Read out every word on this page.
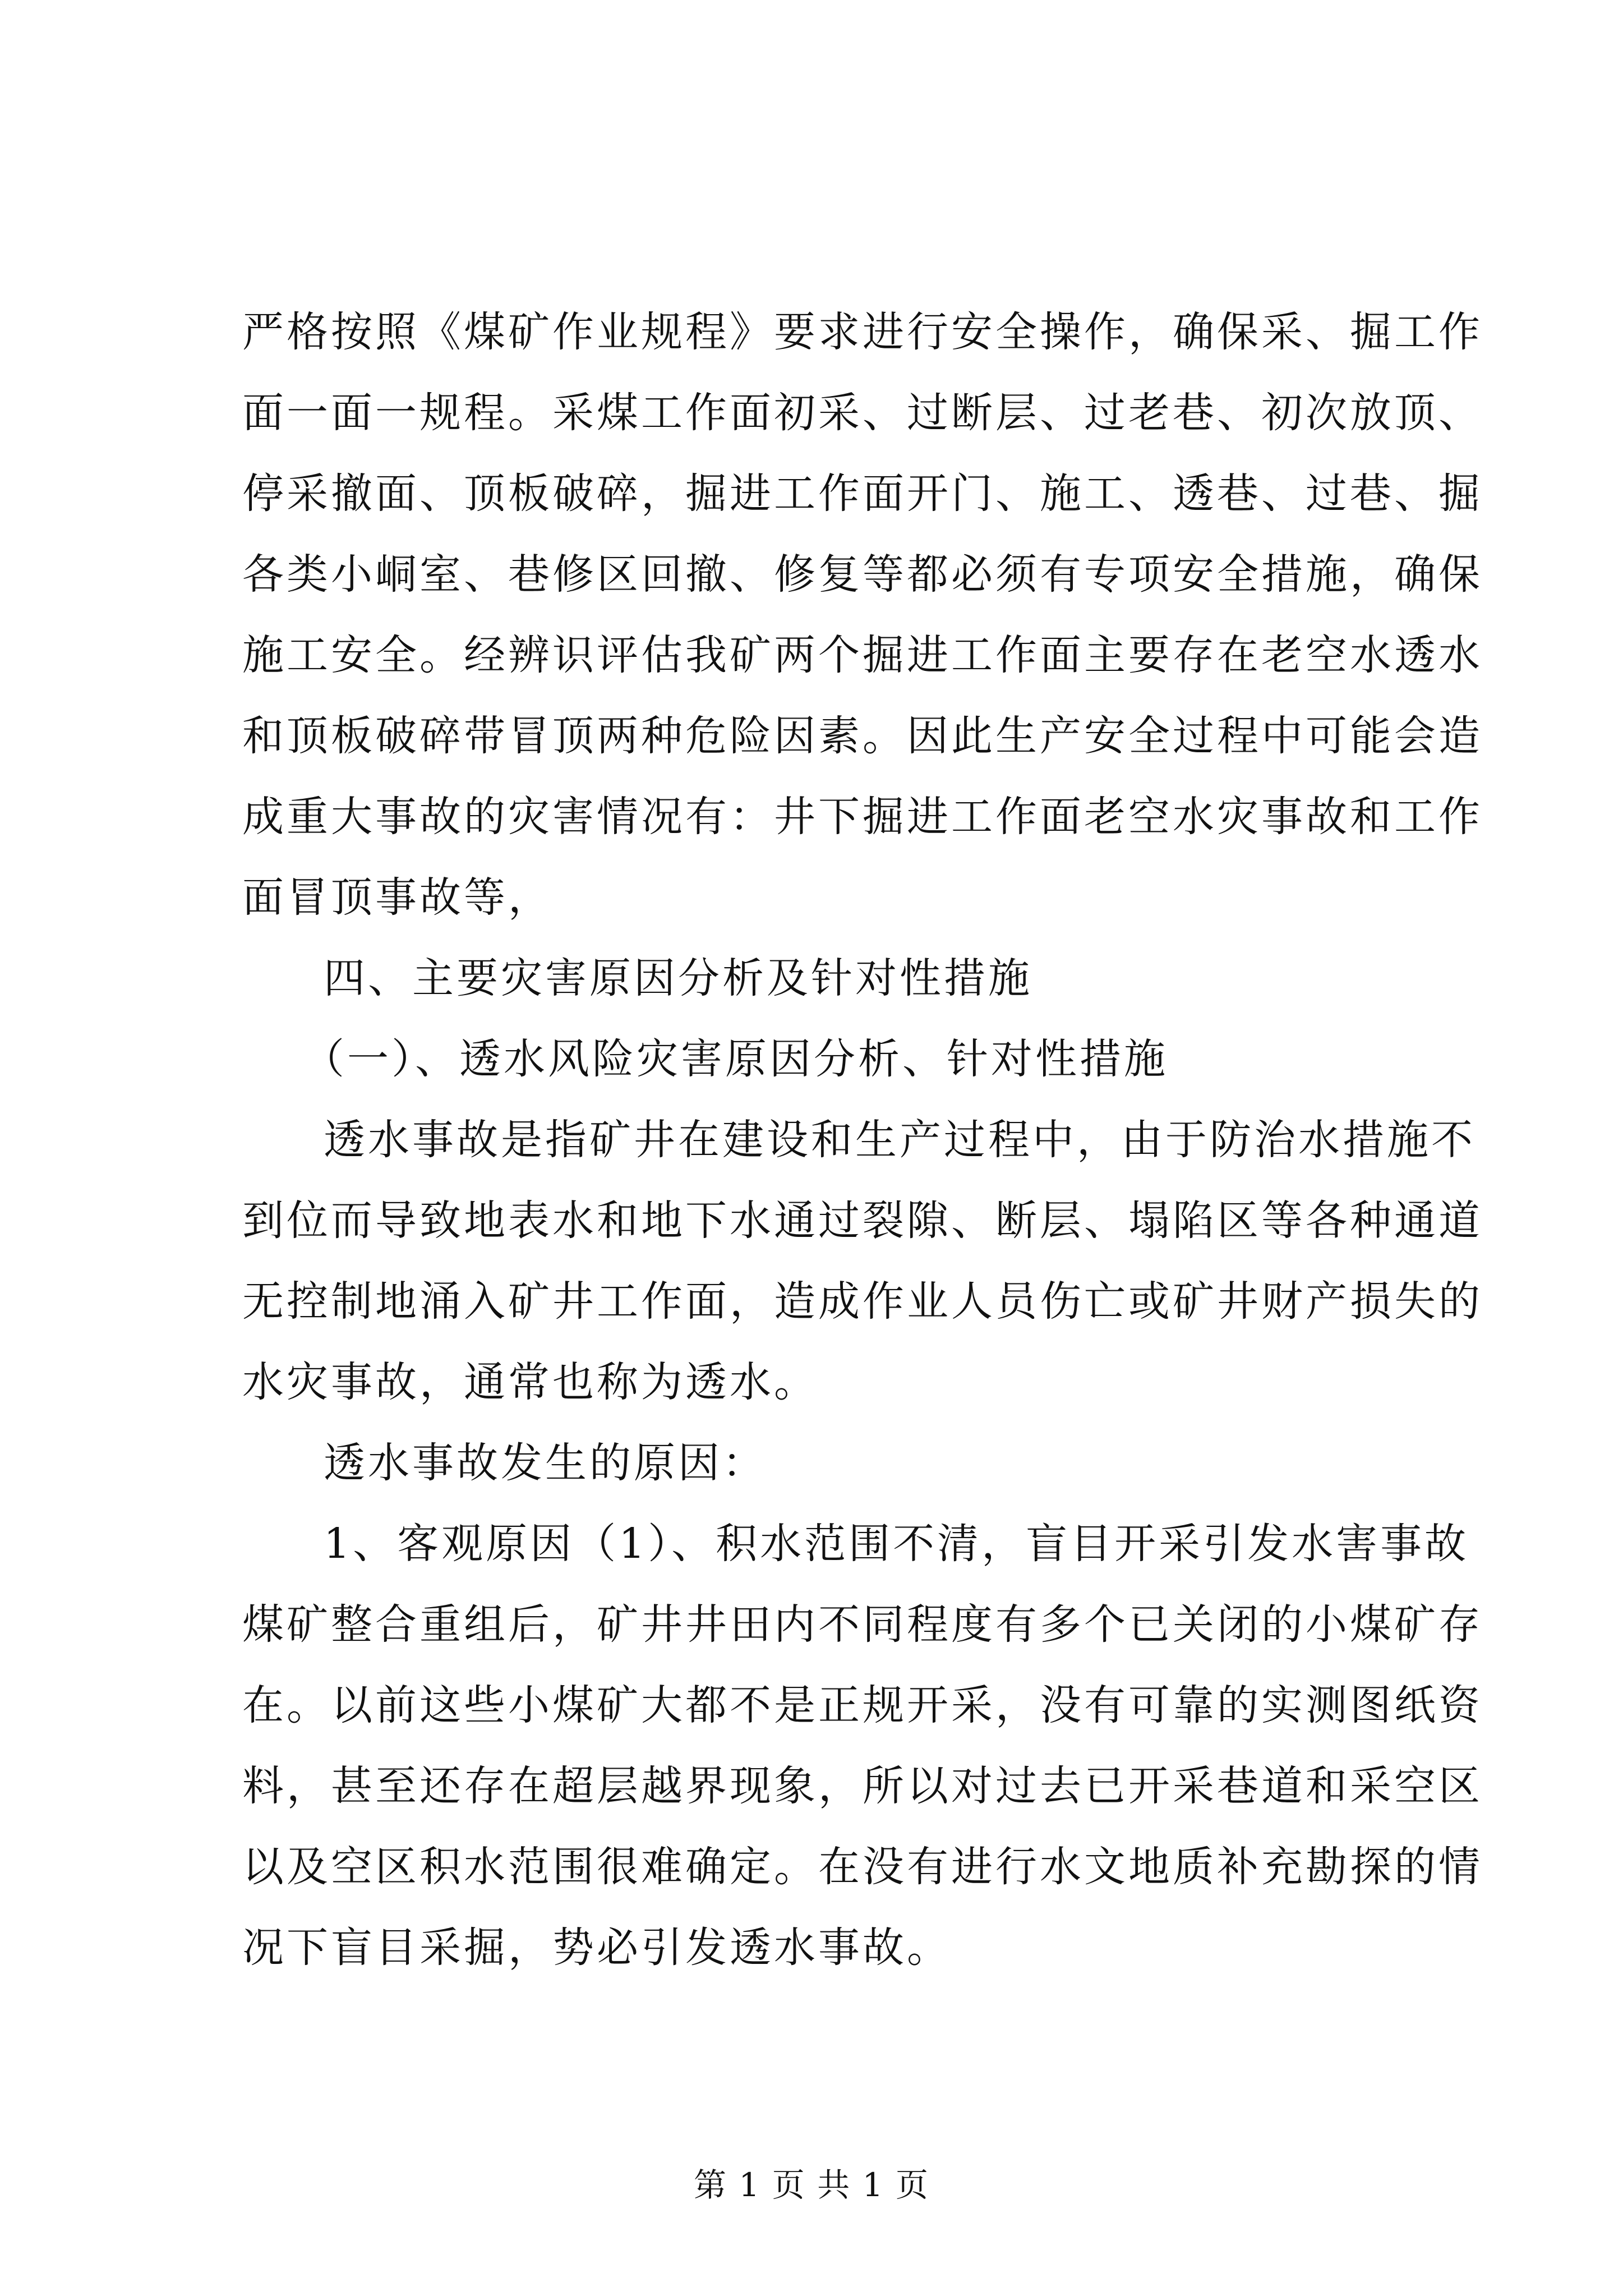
严格按照《煤矿作业规程》要求进行安全操作，确保采、掘工作
面一面一规程。采煤工作面初采、过断层、过老巷、初次放顶、
停采撤面、顶板破碎，掘进工作面开门、施工、透巷、过巷、掘
各类小峒室、巷修区回撤、修复等都必须有专项安全措施，确保
施工安全。经辨识评估我矿两个掘进工作面主要存在老空水透水
和顶板破碎带冒顶两种危险因素。因此生产安全过程中可能会造
成重大事故的灾害情况有：井下掘进工作面老空水灾事故和工作
面冒顶事故等，
四、主要灾害原因分析及针对性措施
（一）、透水风险灾害原因分析、针对性措施
透水事故是指矿井在建设和生产过程中，由于防治水措施不
到位而导致地表水和地下水通过裂隙、断层、塌陷区等各种通道
无控制地涌入矿井工作面，造成作业人员伤亡或矿井财产损失的
水灾事故，通常也称为透水。
透水事故发生的原因：
1、客观原因（1）、积水范围不清，盲目开采引发水害事故
煤矿整合重组后，矿井井田内不同程度有多个已关闭的小煤矿存
在。以前这些小煤矿大都不是正规开采，没有可靠的实测图纸资
料，甚至还存在超层越界现象，所以对过去已开采巷道和采空区
以及空区积水范围很难确定。在没有进行水文地质补充勘探的情
况下盲目采掘，势必引发透水事故。
第 1 页 共 1 页
